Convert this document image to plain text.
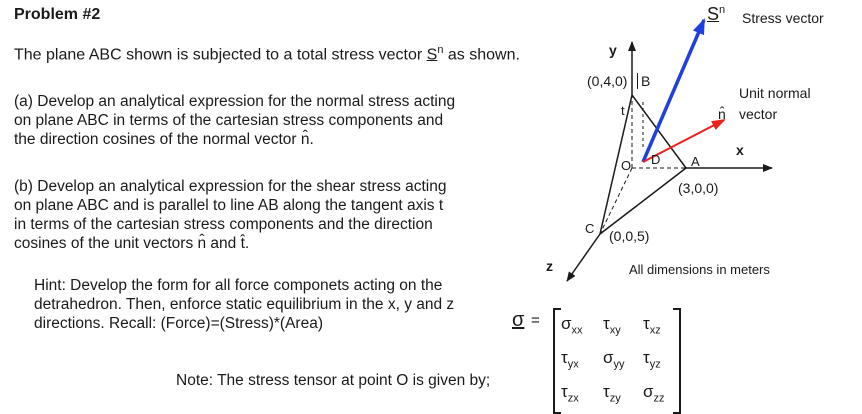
Problem #2
The plane ABC shown is subjected to a total stress vector $S^n$ as shown.
(a) Develop an analytical expression for the normal stress acting
on plane ABC in terms of the cartesian stress components and
the direction cosines of the normal vector n̂.
(b) Develop an analytical expression for the shear stress acting
on plane ABC and is parallel to line AB along the tangent axis t
in terms of the cartesian stress components and the direction
cosines of the unit vectors n̂ and t̂.
Hint: Develop the form for all force componets acting on the
detrahedron. Then, enforce static equilibrium in the x, y and z
directions. Recall: (Force)=(Stress)*(Area)
Note: The stress tensor at point O is given by;
$\sigma = \sigma_{xx}$ $\tau_{xy}$ $\tau_{xz}$
$\tau_{yx}$ $\sigma_{yy}$ $\tau_{yz}$
$\tau_{zx}$ $\tau_{zy}$ $\sigma_{zz}$
y
x
z
(0,4,0) B
t
O D A
(3,0,0)
C (0,0,5)
$S^n$ Stress vector
Unit normal
n̂ vector
All dimensions in meters
